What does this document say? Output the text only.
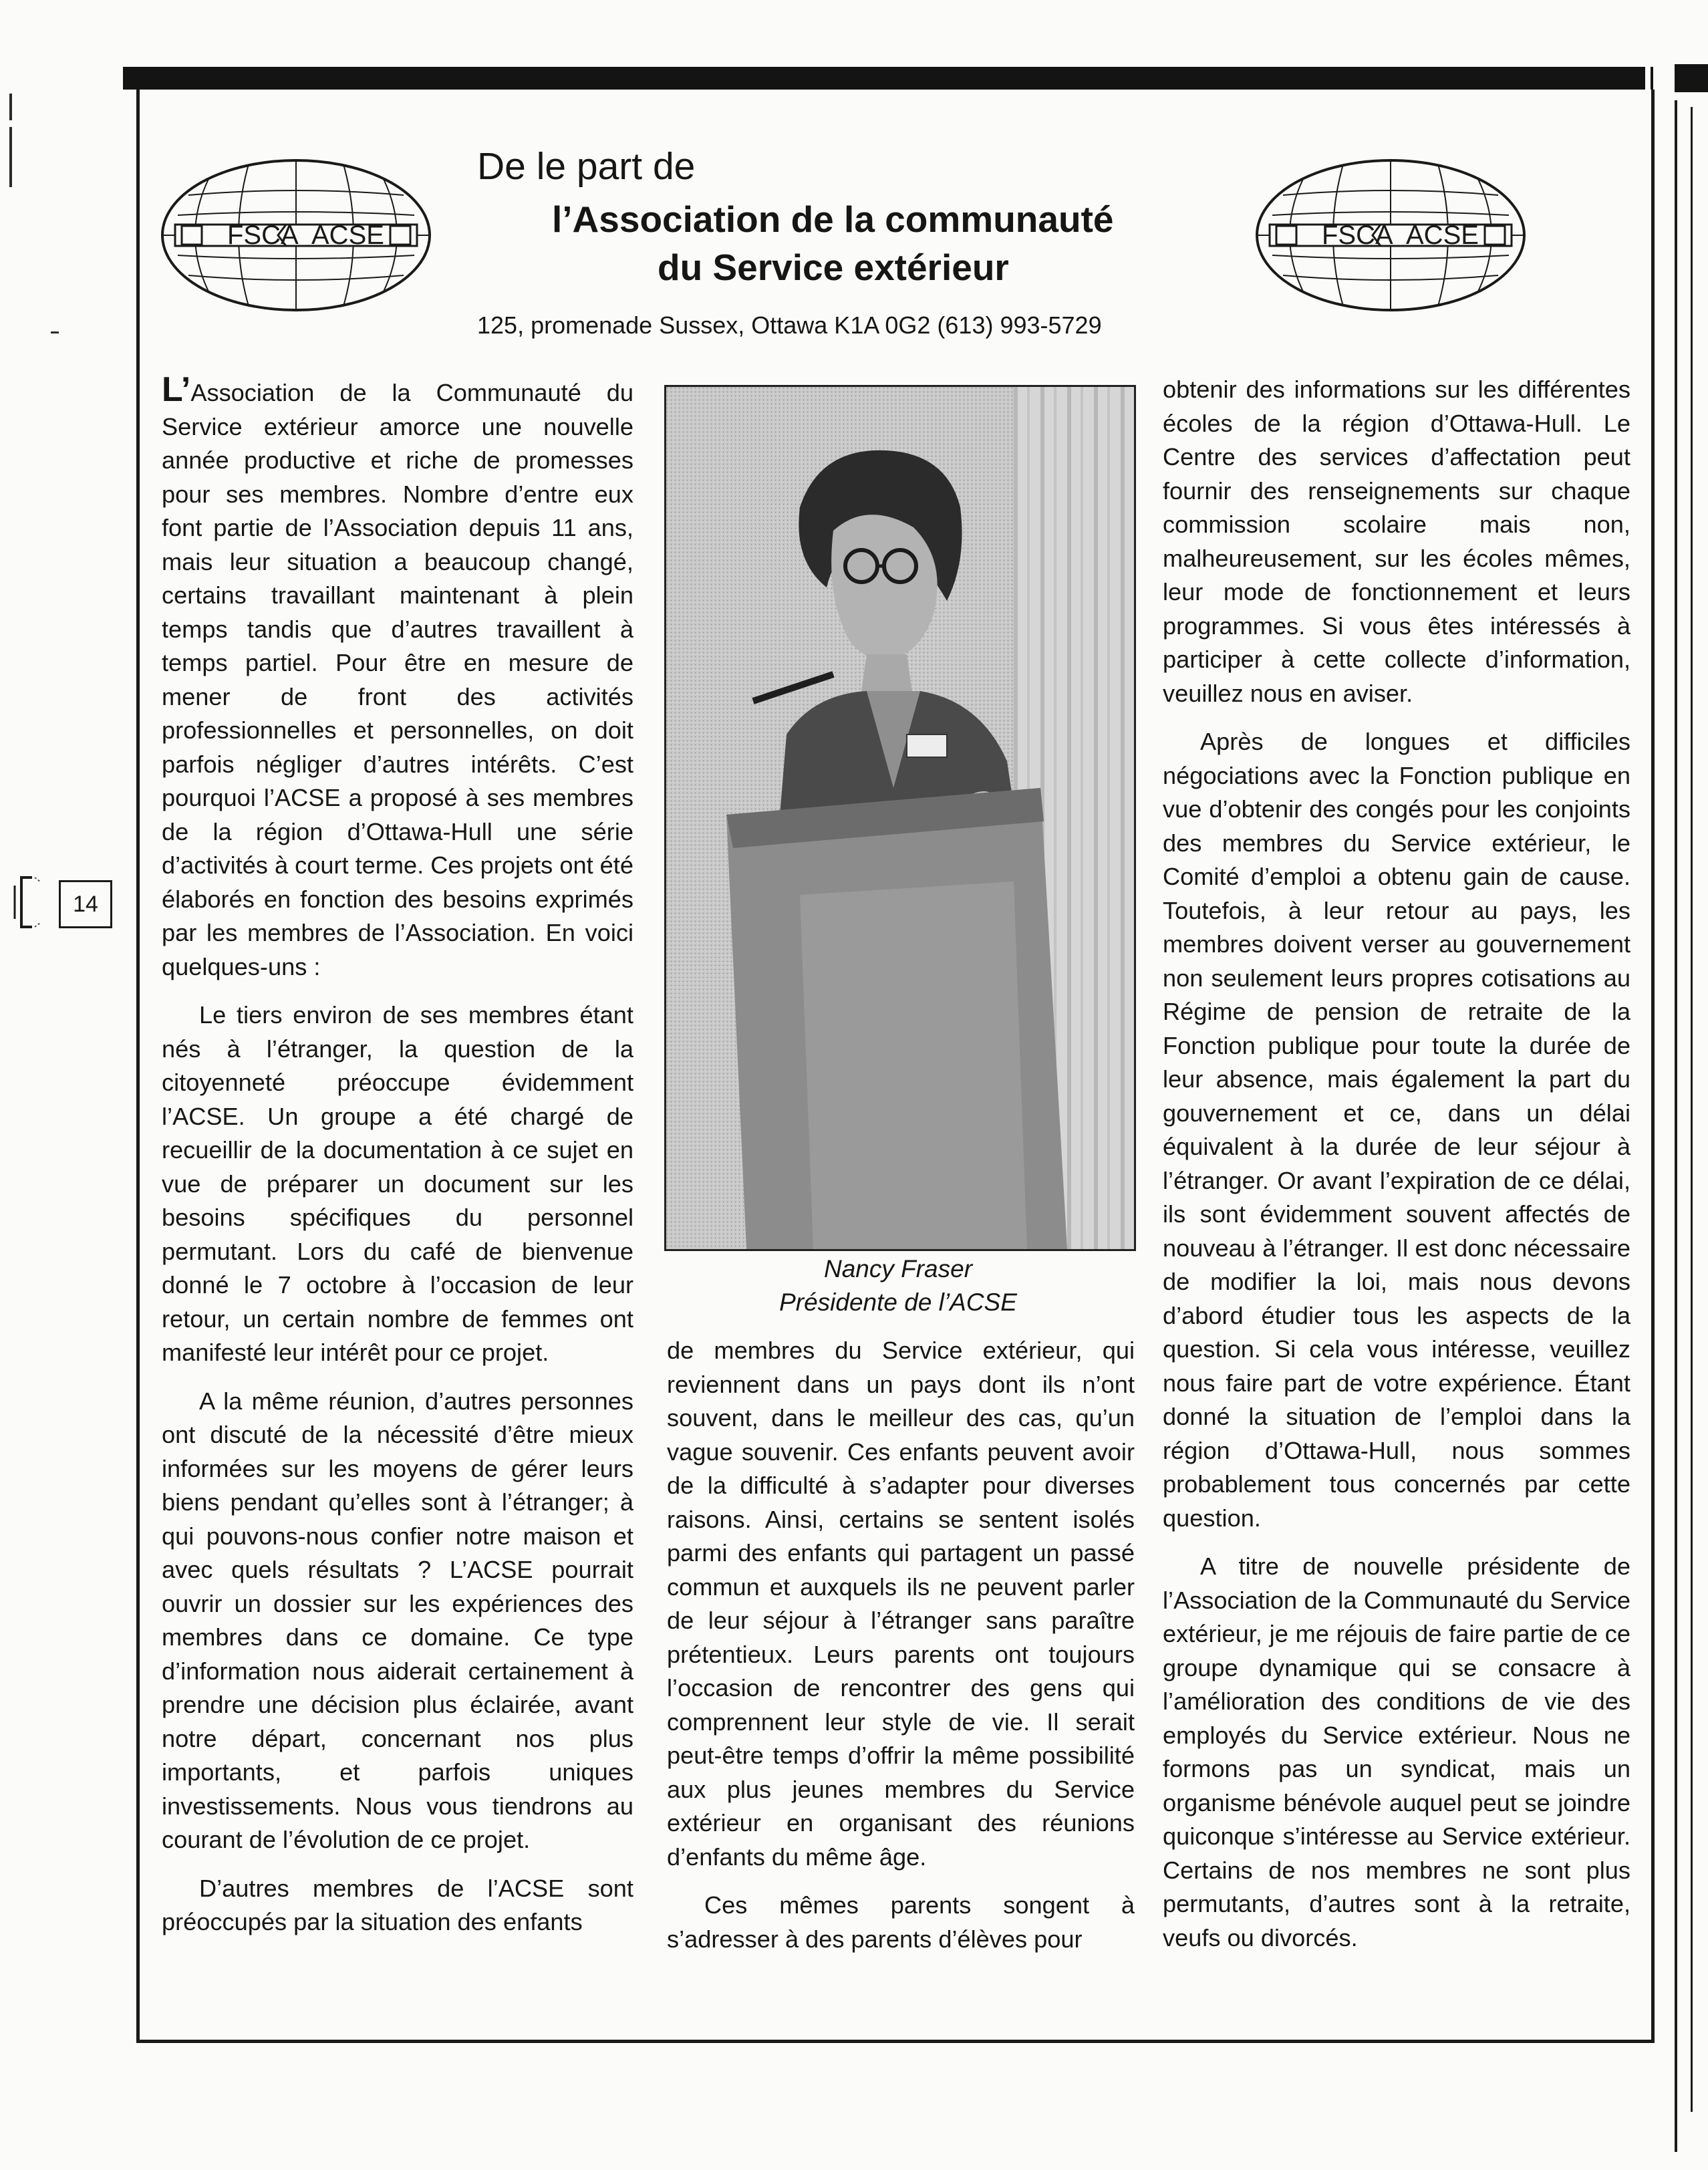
14
FSCA ACSE	FSCA ACSE
De le part de
l’Association de la communauté
du Service extérieur
125, promenade Sussex, Ottawa K1A 0G2 (613) 993-5729

L’Association de la Communauté du Service extérieur amorce une nouvelle année productive et riche de promesses pour ses membres. Nombre d’entre eux font partie de l’Association depuis 11 ans, mais leur situation a beaucoup changé, certains travaillant maintenant à plein temps tandis que d’autres travaillent à temps partiel. Pour être en mesure de mener de front des activités professionnelles et personnelles, on doit parfois négliger d’autres intérêts. C’est pourquoi l’ACSE a proposé à ses membres de la région d’Ottawa-Hull une série d’activités à court terme. Ces projets ont été élaborés en fonction des besoins exprimés par les membres de l’Association. En voici quelques-uns :

Le tiers environ de ses membres étant nés à l’étranger, la question de la citoyenneté préoccupe évidemment l’ACSE. Un groupe a été chargé de recueillir de la documentation à ce sujet en vue de préparer un document sur les besoins spécifiques du personnel permutant. Lors du café de bienvenue donné le 7 octobre à l’occasion de leur retour, un certain nombre de femmes ont manifesté leur intérêt pour ce projet.

A la même réunion, d’autres personnes ont discuté de la nécessité d’être mieux informées sur les moyens de gérer leurs biens pendant qu’elles sont à l’étranger; à qui pouvons-nous confier notre maison et avec quels résultats ? L’ACSE pourrait ouvrir un dossier sur les expériences des membres dans ce domaine. Ce type d’information nous aiderait certainement à prendre une décision plus éclairée, avant notre départ, concernant nos plus importants, et parfois uniques investissements. Nous vous tiendrons au courant de l’évolution de ce projet.

D’autres membres de l’ACSE sont préoccupés par la situation des enfants

Nancy Fraser
Présidente de l’ACSE

de membres du Service extérieur, qui reviennent dans un pays dont ils n’ont souvent, dans le meilleur des cas, qu’un vague souvenir. Ces enfants peuvent avoir de la difficulté à s’adapter pour diverses raisons. Ainsi, certains se sentent isolés parmi des enfants qui partagent un passé commun et auxquels ils ne peuvent parler de leur séjour à l’étranger sans paraître prétentieux. Leurs parents ont toujours l’occasion de rencontrer des gens qui comprennent leur style de vie. Il serait peut-être temps d’offrir la même possibilité aux plus jeunes membres du Service extérieur en organisant des réunions d’enfants du même âge.

Ces mêmes parents songent à s’adresser à des parents d’élèves pour

obtenir des informations sur les différentes écoles de la région d’Ottawa-Hull. Le Centre des services d’affectation peut fournir des renseignements sur chaque commission scolaire mais non, malheureusement, sur les écoles mêmes, leur mode de fonctionnement et leurs programmes. Si vous êtes intéressés à participer à cette collecte d’information, veuillez nous en aviser.

Après de longues et difficiles négociations avec la Fonction publique en vue d’obtenir des congés pour les conjoints des membres du Service extérieur, le Comité d’emploi a obtenu gain de cause. Toutefois, à leur retour au pays, les membres doivent verser au gouvernement non seulement leurs propres cotisations au Régime de pension de retraite de la Fonction publique pour toute la durée de leur absence, mais également la part du gouvernement et ce, dans un délai équivalent à la durée de leur séjour à l’étranger. Or avant l’expiration de ce délai, ils sont évidemment souvent affectés de nouveau à l’étranger. Il est donc nécessaire de modifier la loi, mais nous devons d’abord étudier tous les aspects de la question. Si cela vous intéresse, veuillez nous faire part de votre expérience. Étant donné la situation de l’emploi dans la région d’Ottawa-Hull, nous sommes probablement tous concernés par cette question.

A titre de nouvelle présidente de l’Association de la Communauté du Service extérieur, je me réjouis de faire partie de ce groupe dynamique qui se consacre à l’amélioration des conditions de vie des employés du Service extérieur. Nous ne formons pas un syndicat, mais un organisme bénévole auquel peut se joindre quiconque s’intéresse au Service extérieur. Certains de nos membres ne sont plus permutants, d’autres sont à la retraite, veufs ou divorcés.
